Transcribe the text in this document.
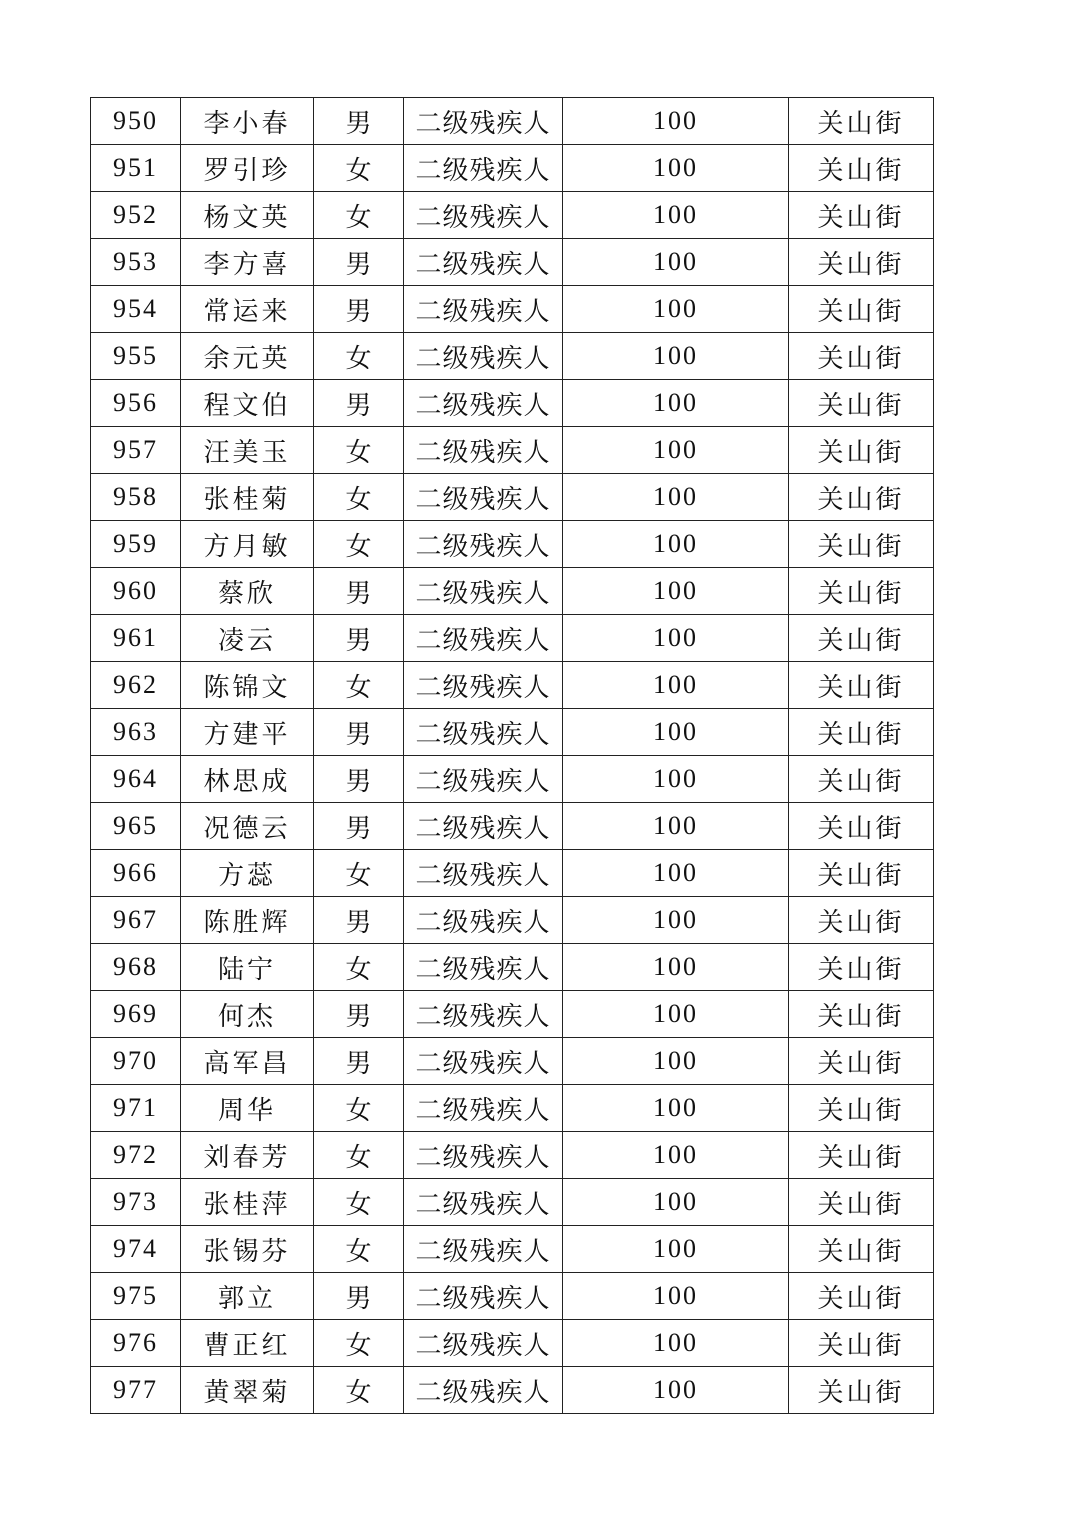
950	李小春	男	二级残疾人	100	关山街
951	罗引珍	女	二级残疾人	100	关山街
952	杨文英	女	二级残疾人	100	关山街
953	李方喜	男	二级残疾人	100	关山街
954	常运来	男	二级残疾人	100	关山街
955	余元英	女	二级残疾人	100	关山街
956	程文伯	男	二级残疾人	100	关山街
957	汪美玉	女	二级残疾人	100	关山街
958	张桂菊	女	二级残疾人	100	关山街
959	方月敏	女	二级残疾人	100	关山街
960	蔡欣	男	二级残疾人	100	关山街
961	凌云	男	二级残疾人	100	关山街
962	陈锦文	女	二级残疾人	100	关山街
963	方建平	男	二级残疾人	100	关山街
964	林思成	男	二级残疾人	100	关山街
965	况德云	男	二级残疾人	100	关山街
966	方蕊	女	二级残疾人	100	关山街
967	陈胜辉	男	二级残疾人	100	关山街
968	陆宁	女	二级残疾人	100	关山街
969	何杰	男	二级残疾人	100	关山街
970	高军昌	男	二级残疾人	100	关山街
971	周华	女	二级残疾人	100	关山街
972	刘春芳	女	二级残疾人	100	关山街
973	张桂萍	女	二级残疾人	100	关山街
974	张锡芬	女	二级残疾人	100	关山街
975	郭立	男	二级残疾人	100	关山街
976	曹正红	女	二级残疾人	100	关山街
977	黄翠菊	女	二级残疾人	100	关山街
